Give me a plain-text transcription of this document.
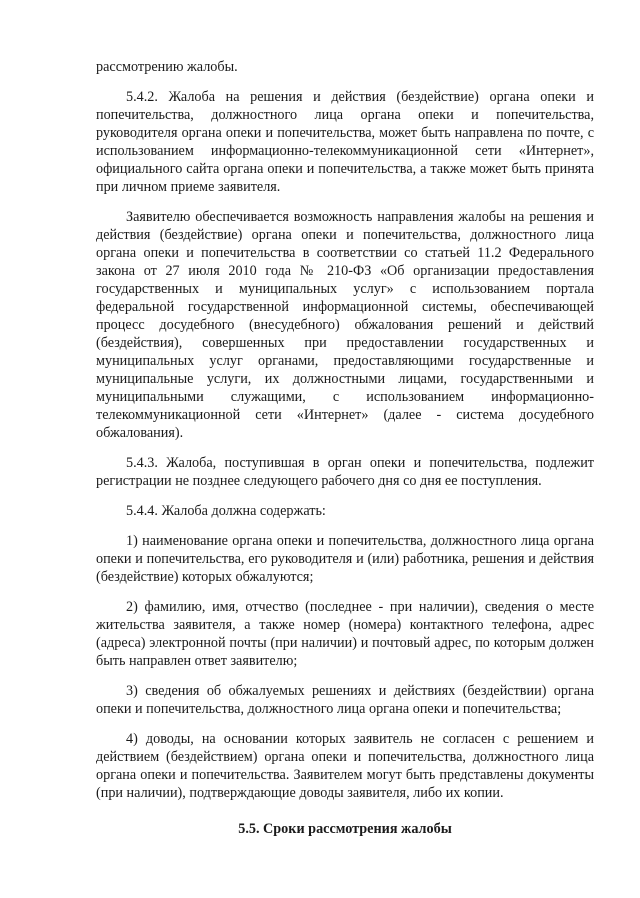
рассмотрению жалобы.

5.4.2. Жалоба на решения и действия (бездействие) органа опеки и попечительства, должностного лица органа опеки и попечительства, руководителя органа опеки и попечительства, может быть направлена по почте, с использованием информационно-телекоммуникационной сети «Интернет», официального сайта органа опеки и попечительства, а также может быть принята при личном приеме заявителя.

Заявителю обеспечивается возможность направления жалобы на решения и действия (бездействие) органа опеки и попечительства, должностного лица органа опеки и попечительства в соответствии со статьей 11.2 Федерального закона от 27 июля 2010 года № 210-ФЗ «Об организации предоставления государственных и муниципальных услуг» с использованием портала федеральной государственной информационной системы, обеспечивающей процесс досудебного (внесудебного) обжалования решений и действий (бездействия), совершенных при предоставлении государственных и муниципальных услуг органами, предоставляющими государственные и муниципальные услуги, их должностными лицами, государственными и муниципальными служащими, с использованием информационно-телекоммуникационной сети «Интернет» (далее - система досудебного обжалования).

5.4.3. Жалоба, поступившая в орган опеки и попечительства, подлежит регистрации не позднее следующего рабочего дня со дня ее поступления.

5.4.4. Жалоба должна содержать:

1) наименование органа опеки и попечительства, должностного лица органа опеки и попечительства, его руководителя и (или) работника, решения и действия (бездействие) которых обжалуются;

2) фамилию, имя, отчество (последнее - при наличии), сведения о месте жительства заявителя, а также номер (номера) контактного телефона, адрес (адреса) электронной почты (при наличии) и почтовый адрес, по которым должен быть направлен ответ заявителю;

3) сведения об обжалуемых решениях и действиях (бездействии) органа опеки и попечительства, должностного лица органа опеки и попечительства;

4) доводы, на основании которых заявитель не согласен с решением и действием (бездействием) органа опеки и попечительства, должностного лица органа опеки и попечительства. Заявителем могут быть представлены документы (при наличии), подтверждающие доводы заявителя, либо их копии.

5.5. Сроки рассмотрения жалобы
